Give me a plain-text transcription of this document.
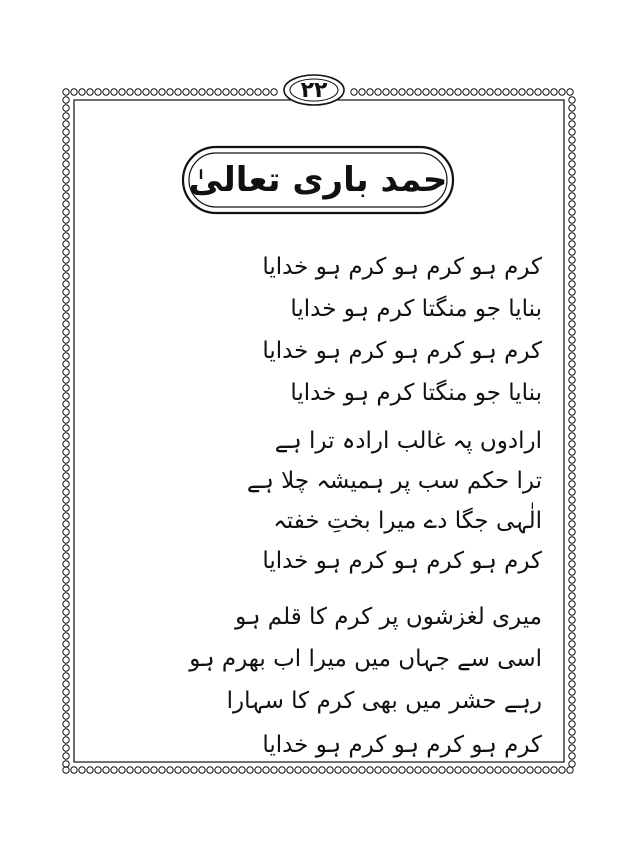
۲۲
حمد باری تعالیٰ
کرم ہو کرم ہو کرم ہو خدایا
بنایا جو منگتا کرم ہو خدایا
کرم ہو کرم ہو کرم ہو خدایا
بنایا جو منگتا کرم ہو خدایا
ارادوں پہ غالب ارادہ ترا ہے
ترا حکم سب پر ہمیشہ چلا ہے
الٰہی جگا دے میرا بختِ خفتہ
کرم ہو کرم ہو کرم ہو خدایا
میری لغزشوں پر کرم کا قلم ہو
اسی سے جہاں میں میرا اب بھرم ہو
رہے حشر میں بھی کرم کا سہارا
کرم ہو کرم ہو کرم ہو خدایا
